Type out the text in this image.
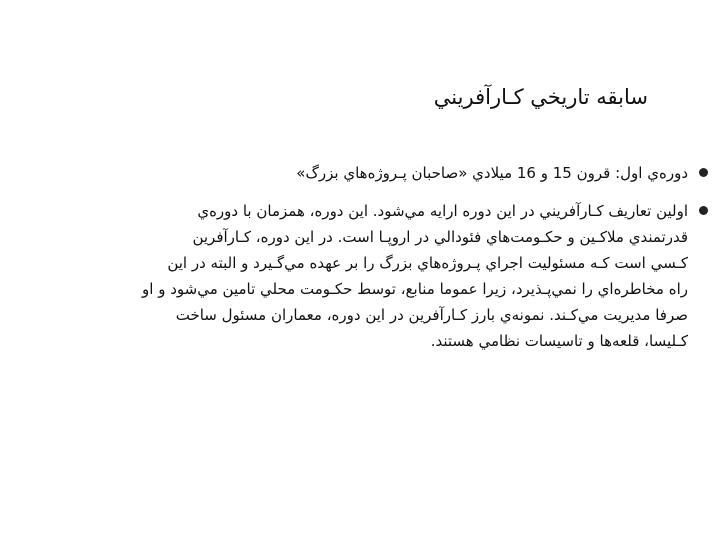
سابقه تاريخي كـارآفريني
دوره‌ي اول: قرون 15 و 16 ميلادي «صاحبان پـروژه‌هاي بزرگ»
اولين تعاريف كـارآفريني در اين دوره ارايه مي‌شود. اين دوره، همزمان با دوره‌ي
قدرتمندي ملاكـين و حكـومت‌هاي فئودالي در اروپـا است. در اين دوره، كـارآفرين
كـسي است كـه مسئوليت اجراي پـروژه‌هاي بزرگ را بر عهده مي‌گـيرد و البته در اين
راه مخاطره‌اي را نمي‌پـذيرد، زيرا عموما منابع، توسط حكـومت محلي تامين مي‌شود و او
صرفا مديريت مي‌كـند. نمونه‌ي بارز كـارآفرين در اين دوره، معماران مسئول ساخت
كـليسا، قلعه‌ها و تاسيسات نظامي هستند.
